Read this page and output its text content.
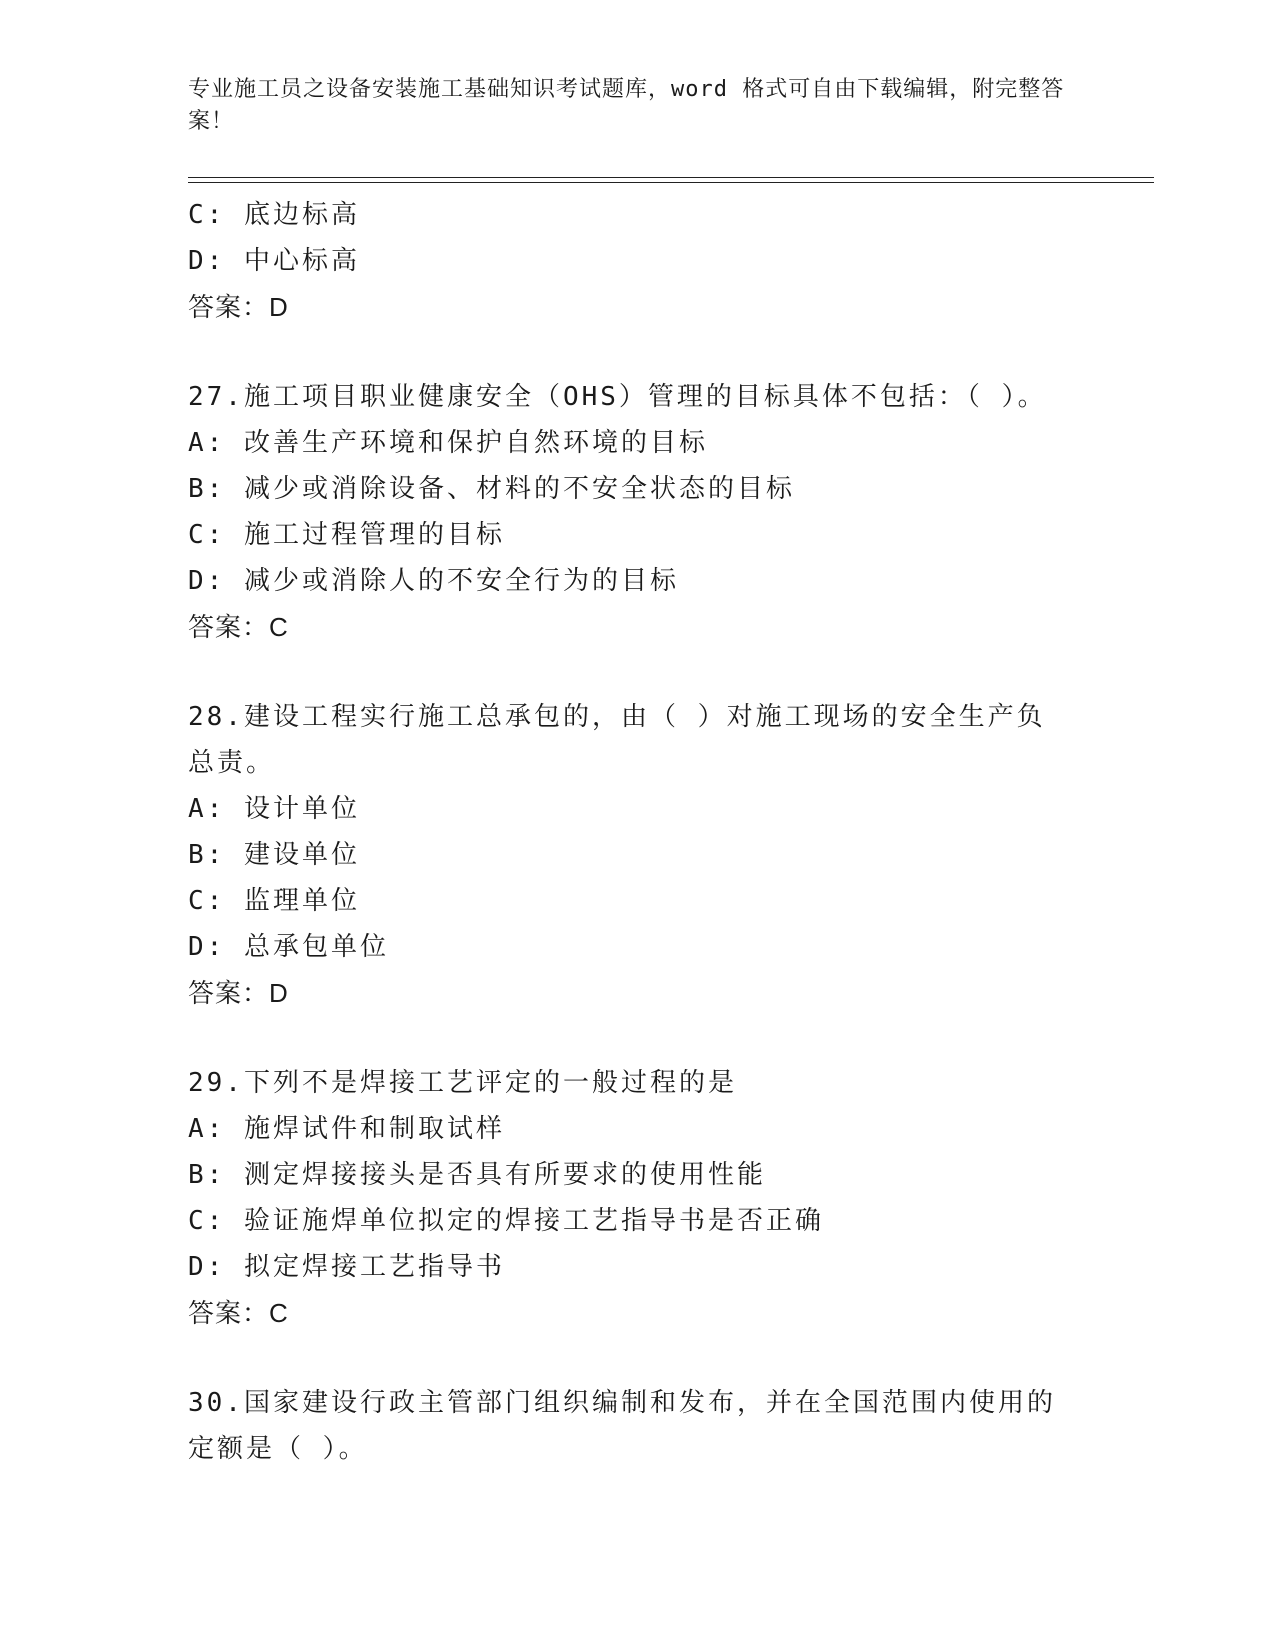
专业施工员之设备安装施工基础知识考试题库，word 格式可自由下载编辑，附完整答案！
C: 底边标高
D: 中心标高
答案：D
27.施工项目职业健康安全（OHS）管理的目标具体不包括：（ ）。
A: 改善生产环境和保护自然环境的目标
B: 减少或消除设备、材料的不安全状态的目标
C: 施工过程管理的目标
D: 减少或消除人的不安全行为的目标
答案：C
28.建设工程实行施工总承包的，由（ ）对施工现场的安全生产负总责。
A: 设计单位
B: 建设单位
C: 监理单位
D: 总承包单位
答案：D
29.下列不是焊接工艺评定的一般过程的是
A: 施焊试件和制取试样
B: 测定焊接接头是否具有所要求的使用性能
C: 验证施焊单位拟定的焊接工艺指导书是否正确
D: 拟定焊接工艺指导书
答案：C
30.国家建设行政主管部门组织编制和发布，并在全国范围内使用的定额是（ ）。
